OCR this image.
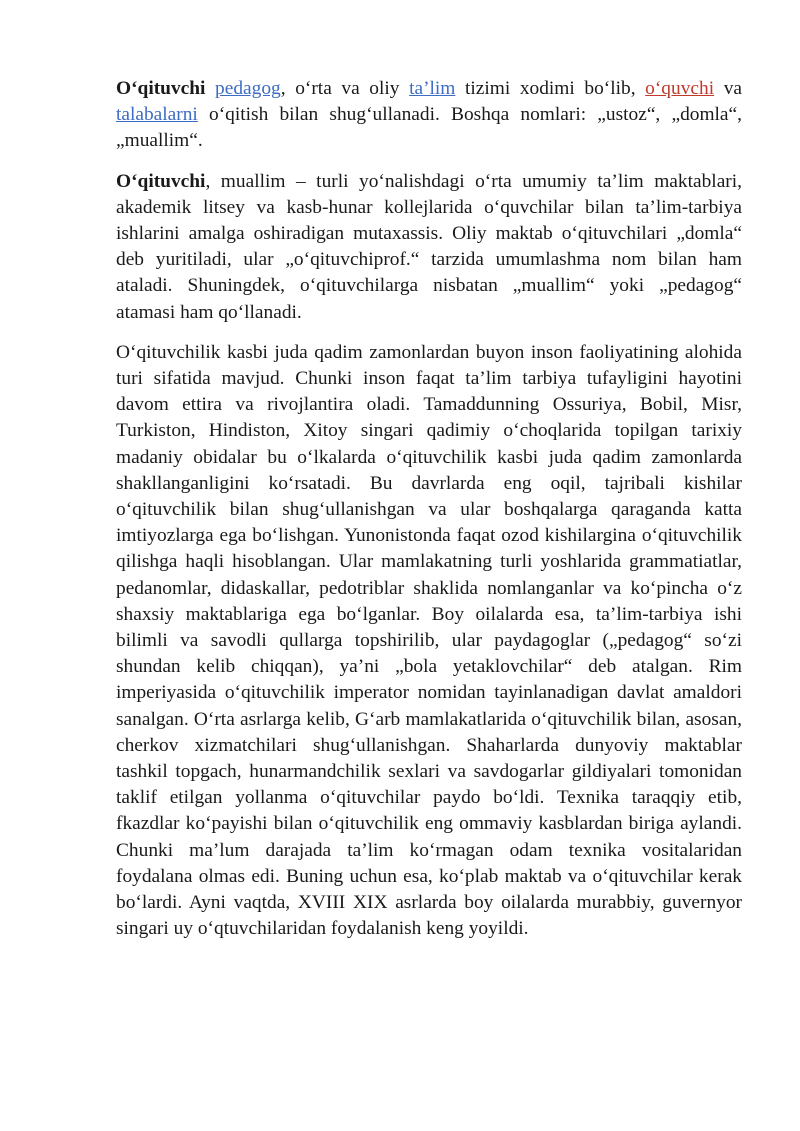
O‘qituvchi pedagog, o‘rta va oliy ta’lim tizimi xodimi bo‘lib, o‘quvchi va talabalarni o‘qitish bilan shug‘ullanadi. Boshqa nomlari: „ustoz“, „domla“, „muallim“.

O‘qituvchi, muallim – turli yo‘nalishdagi o‘rta umumiy ta’lim maktablari, akademik litsey va kasb-hunar kollejlarida o‘quvchilar bilan ta’lim-tarbiya ishlarini amalga oshiradigan mutaxassis. Oliy maktab o‘qituvchilari „domla“ deb yuritiladi, ular „o‘qituvchiprof.“ tarzida umumlashma nom bilan ham ataladi. Shuningdek, o‘qituvchilarga nisbatan „muallim“ yoki „pedagog“ atamasi ham qo‘llanadi.

O‘qituvchilik kasbi juda qadim zamonlardan buyon inson faoliyatining alohida turi sifatida mavjud. Chunki inson faqat ta’lim tarbiya tufayligini hayotini davom ettira va rivojlantira oladi. Tamaddunning Ossuriya, Bobil, Misr, Turkiston, Hindiston, Xitoy singari qadimiy o‘choqlarida topilgan tarixiy madaniy obidalar bu o‘lkalarda o‘qituvchilik kasbi juda qadim zamonlarda shakllanganligini ko‘rsatadi. Bu davrlarda eng oqil, tajribali kishilar o‘qituvchilik bilan shug‘ullanishgan va ular boshqalarga qaraganda katta imtiyozlarga ega bo‘lishgan. Yunonistonda faqat ozod kishilargina o‘qituvchilik qilishga haqli hisoblangan. Ular mamlakatning turli yoshlarida grammatiatlar, pedanomlar, didaskallar, pedotriblar shaklida nomlanganlar va ko‘pincha o‘z shaxsiy maktablariga ega bo‘lganlar. Boy oilalarda esa, ta’lim-tarbiya ishi bilimli va savodli qullarga topshirilib, ular paydagoglar („pedagog“ so‘zi shundan kelib chiqqan), ya’ni „bola yetaklovchilar“ deb atalgan. Rim imperiyasida o‘qituvchilik imperator nomidan tayinlanadigan davlat amaldori sanalgan. O‘rta asrlarga kelib, G‘arb mamlakatlarida o‘qituvchilik bilan, asosan, cherkov xizmatchilari shug‘ullanishgan. Shaharlarda dunyoviy maktablar tashkil topgach, hunarmandchilik sexlari va savdogarlar gildiyalari tomonidan taklif etilgan yollanma o‘qituvchilar paydo bo‘ldi. Texnika taraqqiy etib, fkazdlar ko‘payishi bilan o‘qituvchilik eng ommaviy kasblardan biriga aylandi. Chunki ma’lum darajada ta’lim ko‘rmagan odam texnika vositalaridan foydalana olmas edi. Buning uchun esa, ko‘plab maktab va o‘qituvchilar kerak bo‘lardi. Ayni vaqtda, XVIII XIX asrlarda boy oilalarda murabbiy, guvernyor singari uy o‘qtuvchilaridan foydalanish keng yoyildi.
